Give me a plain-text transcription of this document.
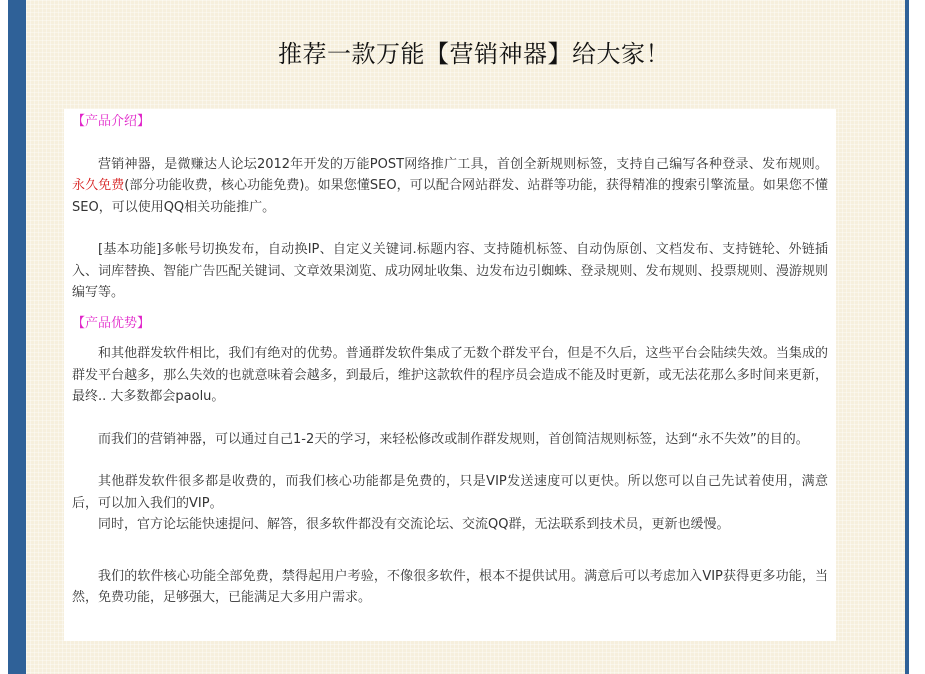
推荐一款万能【营销神器】给大家！

【产品介绍】

营销神器，是微赚达人论坛2012年开发的万能POST网络推广工具，首创全新规则标签，支持自己编写各种登录、发布规则。永久免费(部分功能收费，核心功能免费)。如果您懂SEO，可以配合网站群发、站群等功能，获得精准的搜索引擎流量。如果您不懂SEO，可以使用QQ相关功能推广。

[基本功能]多帐号切换发布，自动换IP、自定义关键词.标题内容、支持随机标签、自动伪原创、文档发布、支持链轮、外链插入、词库替换、智能广告匹配关键词、文章效果浏览、成功网址收集、边发布边引蜘蛛、登录规则、发布规则、投票规则、漫游规则编写等。

【产品优势】

和其他群发软件相比，我们有绝对的优势。普通群发软件集成了无数个群发平台，但是不久后，这些平台会陆续失效。当集成的群发平台越多，那么失效的也就意味着会越多，到最后，维护这款软件的程序员会造成不能及时更新，或无法花那么多时间来更新，最终.. 大多数都会paolu。

而我们的营销神器，可以通过自己1-2天的学习，来轻松修改或制作群发规则，首创简洁规则标签，达到“永不失效”的目的。

其他群发软件很多都是收费的，而我们核心功能都是免费的，只是VIP发送速度可以更快。所以您可以自己先试着使用，满意后，可以加入我们的VIP。

同时，官方论坛能快速提问、解答，很多软件都没有交流论坛、交流QQ群，无法联系到技术员，更新也缓慢。

我们的软件核心功能全部免费，禁得起用户考验，不像很多软件，根本不提供试用。满意后可以考虑加入VIP获得更多功能，当然，免费功能，足够强大，已能满足大多用户需求。
